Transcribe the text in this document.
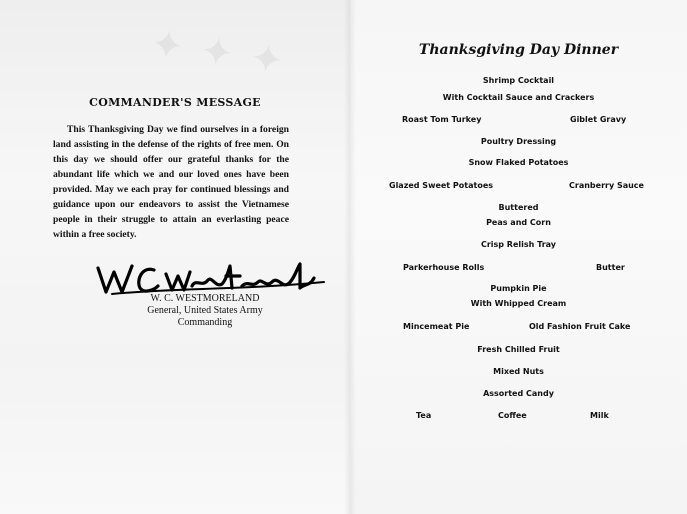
✦ ✦ ✦
COMMANDER'S MESSAGE
This Thanksgiving Day we find ourselves in a foreign land assisting in the defense of the rights of free men. On this day we should offer our grateful thanks for the abundant life which we and our loved ones have been provided. May we each pray for continued blessings and guidance upon our endeavors to assist the Vietnamese people in their struggle to attain an everlasting peace within a free society.
W. C. WESTMORELAND
General, United States Army
Commanding
Thanksgiving Day Dinner
Shrimp Cocktail
With Cocktail Sauce and Crackers
Roast Tom Turkey	Giblet Gravy
Poultry Dressing
Snow Flaked Potatoes
Glazed Sweet Potatoes	Cranberry Sauce
Buttered
Peas and Corn
Crisp Relish Tray
Parkerhouse Rolls	Butter
Pumpkin Pie
With Whipped Cream
Mincemeat Pie	Old Fashion Fruit Cake
Fresh Chilled Fruit
Mixed Nuts
Assorted Candy
Tea	Coffee	Milk
